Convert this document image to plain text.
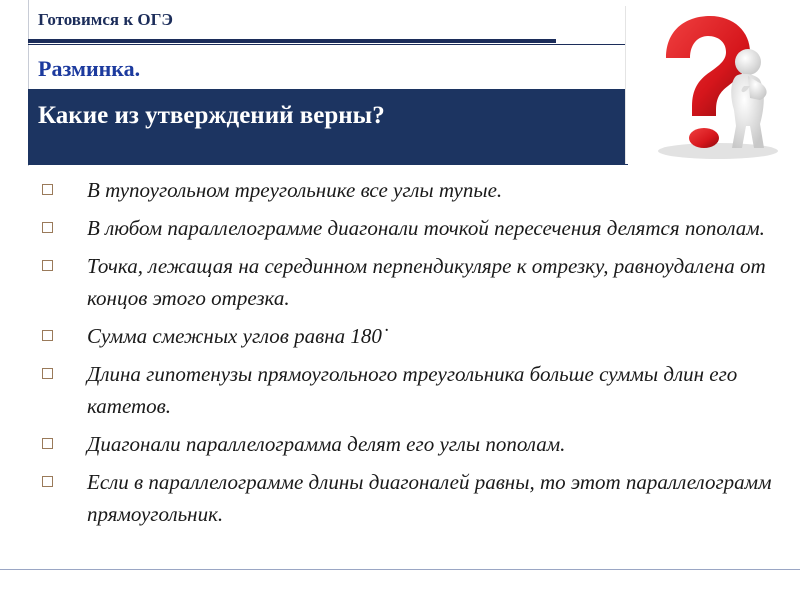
Готовимся к ОГЭ
Разминка.

Какие из утверждений верны?

В тупоугольном треугольнике все углы тупые.
В любом параллелограмме диагонали точкой пересечения делятся пополам.
Точка, лежащая на серединном перпендикуляре к отрезку, равноудалена от концов этого отрезка.
Сумма смежных углов равна 180˙
Длина гипотенузы прямоугольного треугольника больше суммы длин его катетов.
Диагонали параллелограмма делят его углы пополам.
Если в параллелограмме длины диагоналей равны, то этот параллелограмм прямоугольник.
